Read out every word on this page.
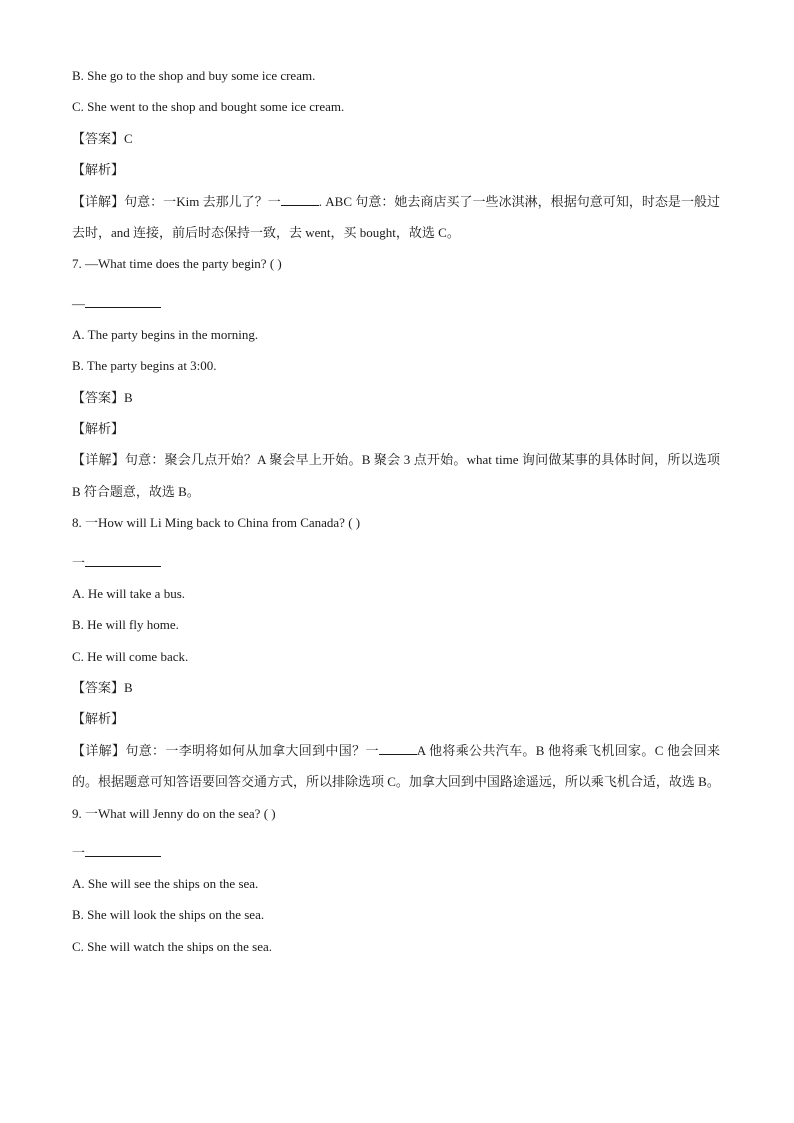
B. She go to the shop and buy some ice cream.

C. She went to the shop and bought some ice cream.

【答案】C

【解析】

【详解】句意：一Kim 去那儿了？一	. ABC 句意：她去商店买了一些冰淇淋，根据句意可知，时态是一般过去时，and 连接，前后时态保持一致，去 went，买 bought，故选 C。

7. —What time does the party begin? ( )

—

A. The party begins in the morning.

B. The party begins at 3:00.

【答案】B

【解析】

【详解】句意：聚会几点开始？A 聚会早上开始。B 聚会 3 点开始。what time 询问做某事的具体时间，所以选项 B 符合题意，故选 B。

8. 一How will Li Ming back to China from Canada? ( )

一

A. He will take a bus.

B. He will fly home.

C. He will come back.

【答案】B

【解析】

【详解】句意：一李明将如何从加拿大回到中国？一	A 他将乘公共汽车。B 他将乘飞机回家。C 他会回来的。根据题意可知答语要回答交通方式，所以排除选项 C。加拿大回到中国路途遥远，所以乘飞机合适，故选 B。

9. 一What will Jenny do on the sea? ( )

一

A. She will see the ships on the sea.

B. She will look the ships on the sea.

C. She will watch the ships on the sea.
